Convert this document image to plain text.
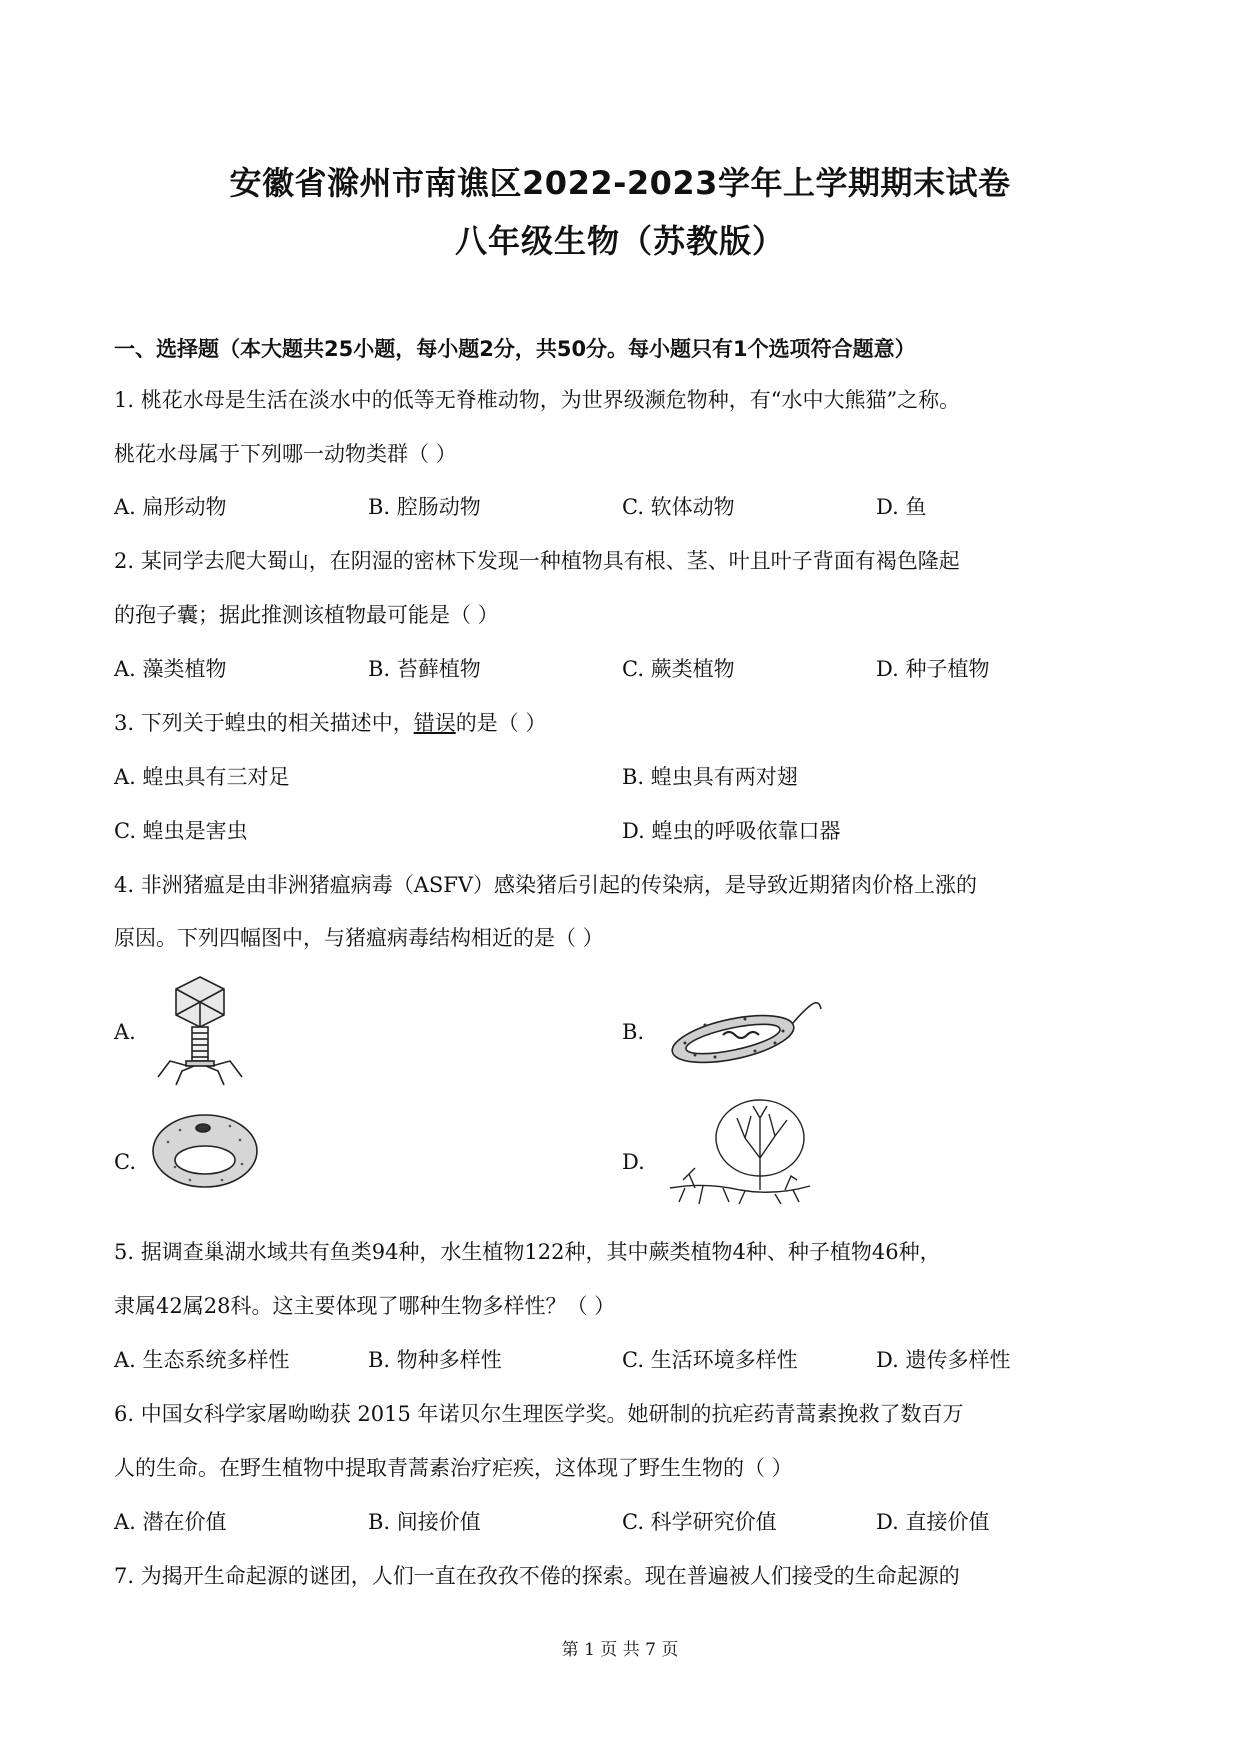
安徽省滁州市南谯区2022-2023学年上学期期末试卷
八年级生物（苏教版）
一、选择题（本大题共25小题，每小题2分，共50分。每小题只有1个选项符合题意）
1. 桃花水母是生活在淡水中的低等无脊椎动物，为世界级濒危物种，有“水中大熊猫”之称。
桃花水母属于下列哪一动物类群（ ）
A. 扁形动物	B. 腔肠动物	C. 软体动物	D. 鱼
2. 某同学去爬大蜀山，在阴湿的密林下发现一种植物具有根、茎、叶且叶子背面有褐色隆起
的孢子囊；据此推测该植物最可能是（ ）
A. 藻类植物	B. 苔藓植物	C. 蕨类植物	D. 种子植物
3. 下列关于蝗虫的相关描述中，错误的是（ ）
A. 蝗虫具有三对足	B. 蝗虫具有两对翅
C. 蝗虫是害虫	D. 蝗虫的呼吸依靠口器
4. 非洲猪瘟是由非洲猪瘟病毒（ASFV）感染猪后引起的传染病，是导致近期猪肉价格上涨的
原因。下列四幅图中，与猪瘟病毒结构相近的是（ ）
A.	B.
C.	D.
5. 据调查巢湖水域共有鱼类94种，水生植物122种，其中蕨类植物4种、种子植物46种，
隶属42属28科。这主要体现了哪种生物多样性？（ ）
A. 生态系统多样性	B. 物种多样性	C. 生活环境多样性	D. 遗传多样性
6. 中国女科学家屠呦呦获 2015 年诺贝尔生理医学奖。她研制的抗疟药青蒿素挽救了数百万
人的生命。在野生植物中提取青蒿素治疗疟疾，这体现了野生生物的（ ）
A. 潜在价值	B. 间接价值	C. 科学研究价值	D. 直接价值
7. 为揭开生命起源的谜团，人们一直在孜孜不倦的探索。现在普遍被人们接受的生命起源的
第 1 页 共 7 页
